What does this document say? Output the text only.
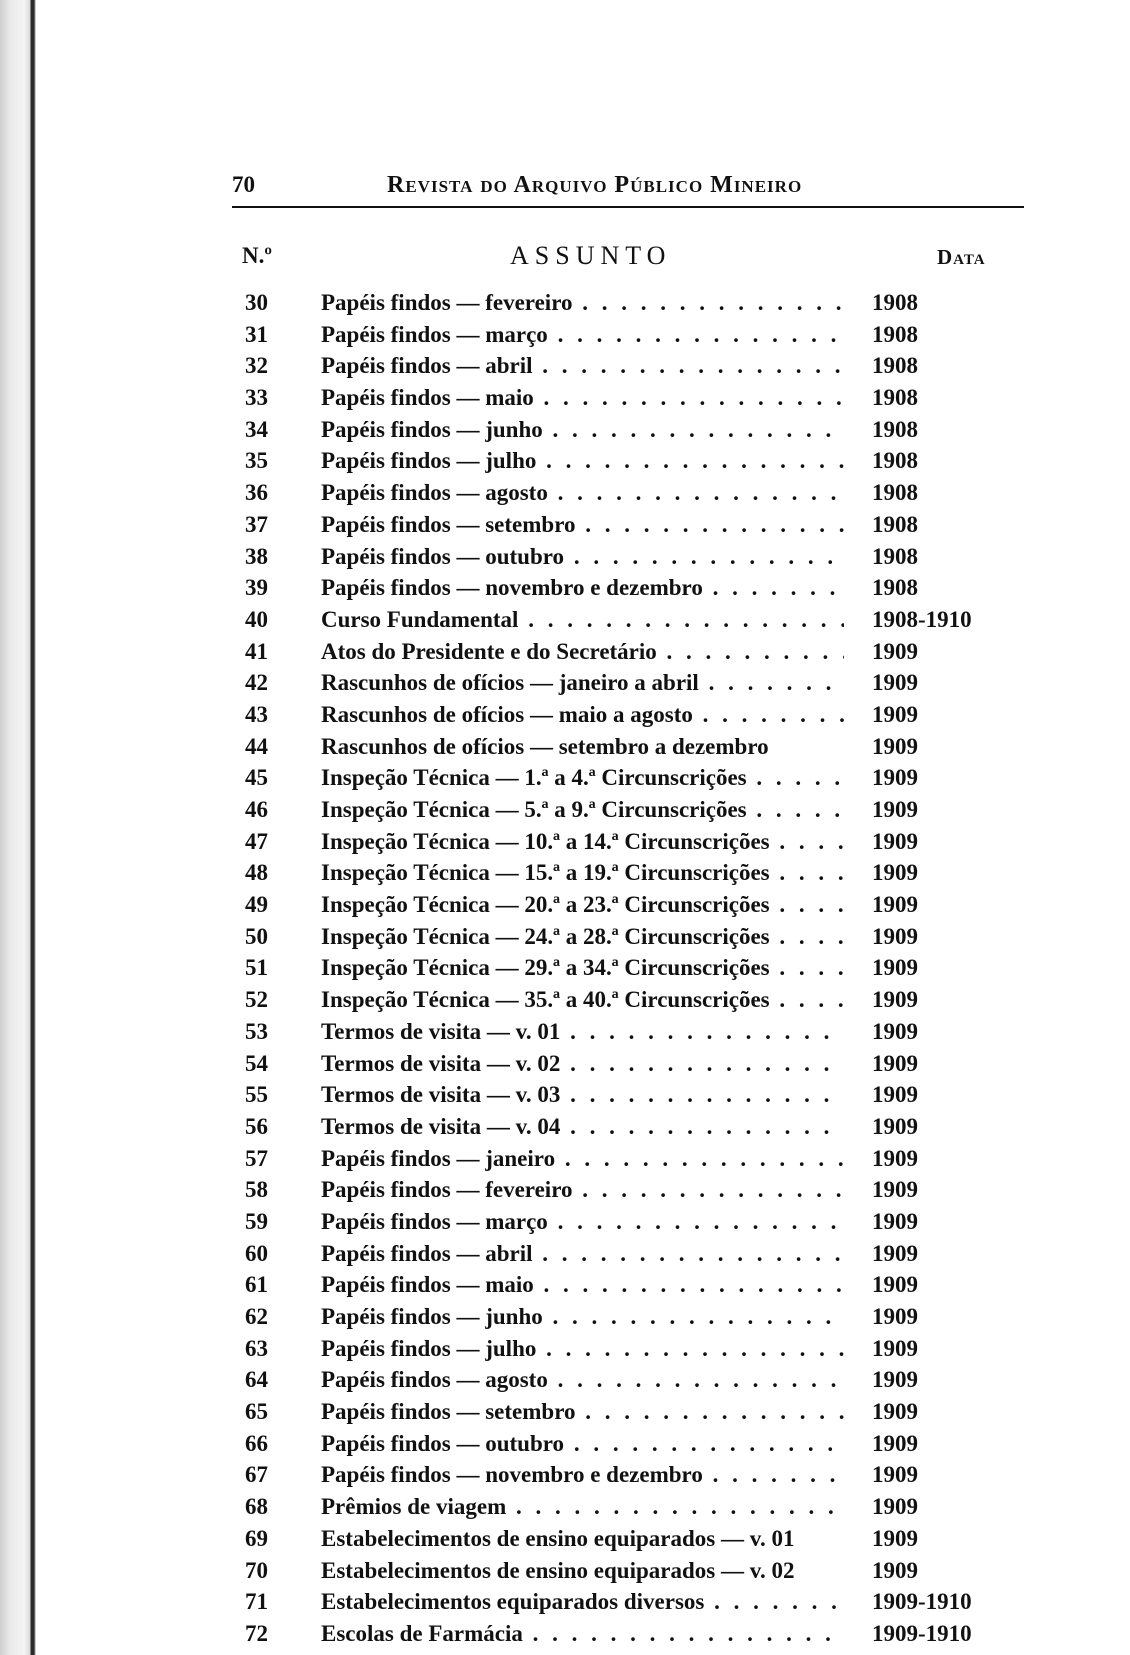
70	Revista do Arquivo Público Mineiro
N.º	ASSUNTO	Data
30	Papéis findos — fevereiro . . .	1908
31	Papéis findos — março . . .	1908
32	Papéis findos — abril . . .	1908
33	Papéis findos — maio . . .	1908
34	Papéis findos — junho . . .	1908
35	Papéis findos — julho . . .	1908
36	Papéis findos — agosto . . .	1908
37	Papéis findos — setembro . . .	1908
38	Papéis findos — outubro . . .	1908
39	Papéis findos — novembro e dezembro . . .	1908
40	Curso Fundamental . . .	1908-1910
41	Atos do Presidente e do Secretário . . .	1909
42	Rascunhos de ofícios — janeiro a abril . . .	1909
43	Rascunhos de ofícios — maio a agosto . . .	1909
44	Rascunhos de ofícios — setembro a dezembro	1909
45	Inspeção Técnica — 1.ª a 4.ª Circunscrições . . .	1909
46	Inspeção Técnica — 5.ª a 9.ª Circunscrições . . .	1909
47	Inspeção Técnica — 10.ª a 14.ª Circunscrições . . .	1909
48	Inspeção Técnica — 15.ª a 19.ª Circunscrições . . .	1909
49	Inspeção Técnica — 20.ª a 23.ª Circunscrições . . .	1909
50	Inspeção Técnica — 24.ª a 28.ª Circunscrições . . .	1909
51	Inspeção Técnica — 29.ª a 34.ª Circunscrições . . .	1909
52	Inspeção Técnica — 35.ª a 40.ª Circunscrições . . .	1909
53	Termos de visita — v. 01 . . .	1909
54	Termos de visita — v. 02 . . .	1909
55	Termos de visita — v. 03 . . .	1909
56	Termos de visita — v. 04 . . .	1909
57	Papéis findos — janeiro . . .	1909
58	Papéis findos — fevereiro . . .	1909
59	Papéis findos — março . . .	1909
60	Papéis findos — abril . . .	1909
61	Papéis findos — maio . . .	1909
62	Papéis findos — junho . . .	1909
63	Papéis findos — julho . . .	1909
64	Papéis findos — agosto . . .	1909
65	Papéis findos — setembro . . .	1909
66	Papéis findos — outubro . . .	1909
67	Papéis findos — novembro e dezembro . . .	1909
68	Prêmios de viagem . . .	1909
69	Estabelecimentos de ensino equiparados — v. 01	1909
70	Estabelecimentos de ensino equiparados — v. 02	1909
71	Estabelecimentos equiparados diversos . . .	1909-1910
72	Escolas de Farmácia . . .	1909-1910
